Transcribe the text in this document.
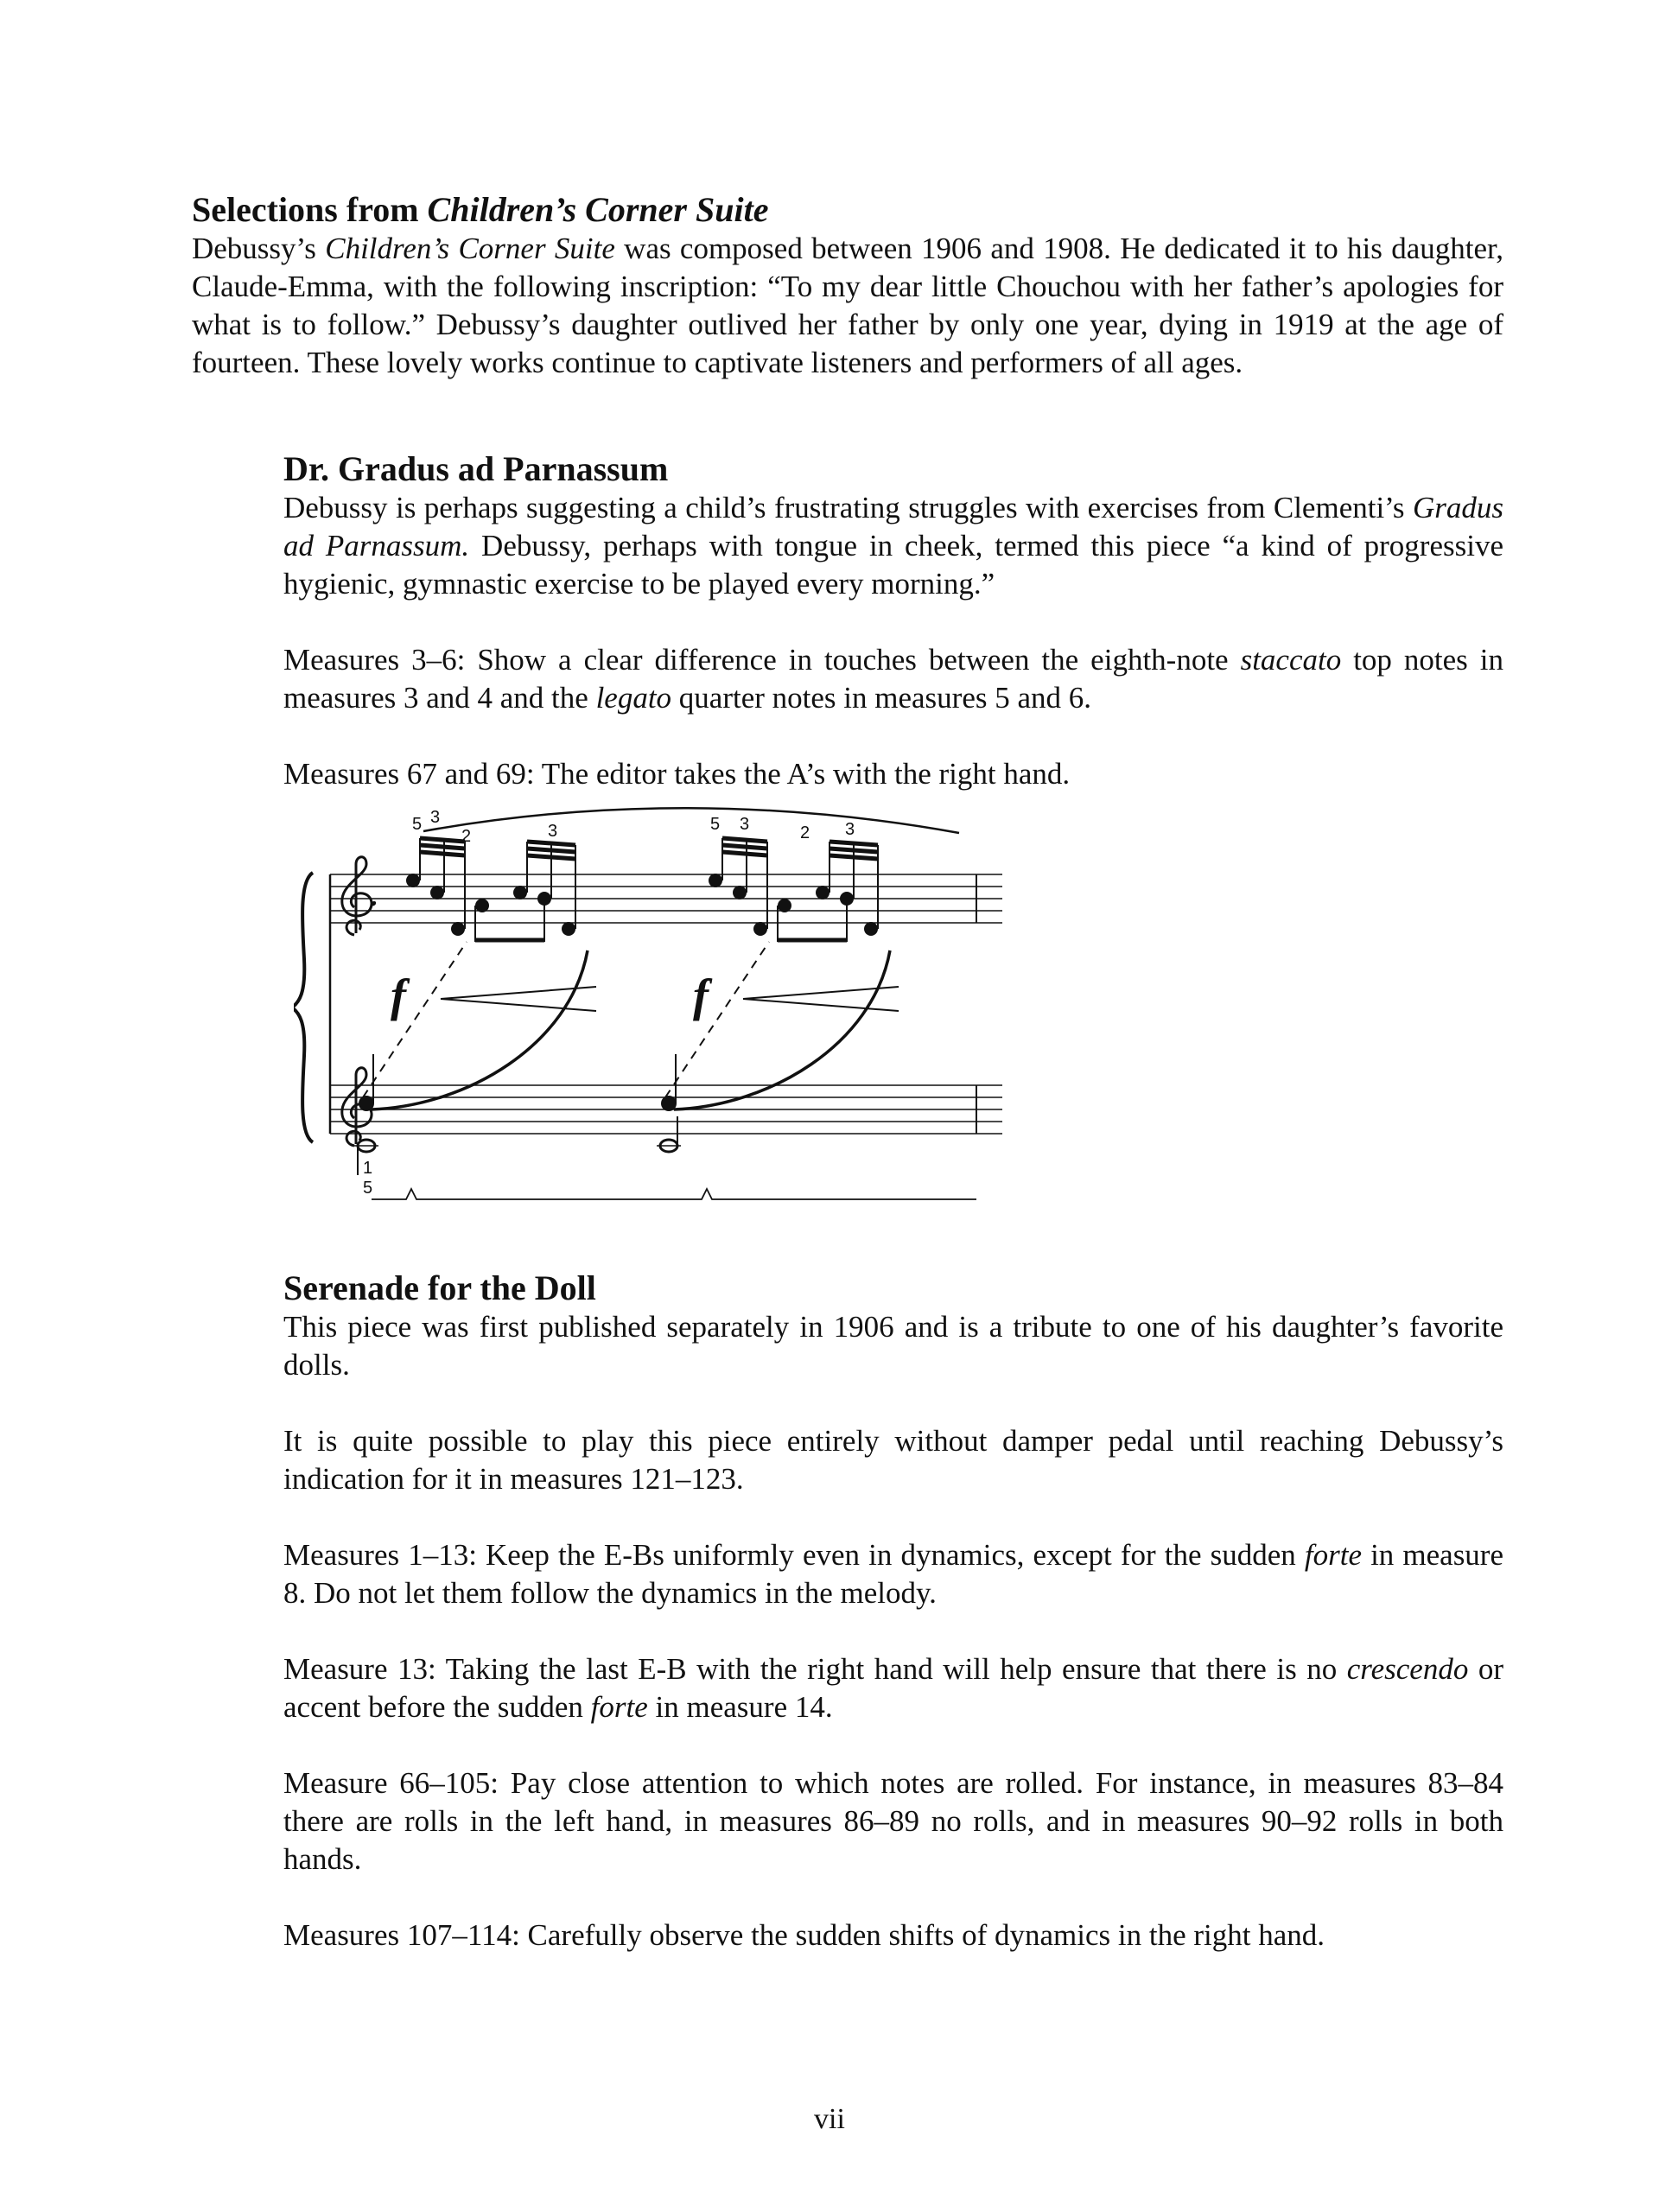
Selections from Children’s Corner Suite

Debussy’s Children’s Corner Suite was composed between 1906 and 1908. He dedicated it to his daughter, Claude-Emma, with the following inscription: “To my dear little Chouchou with her father’s apologies for what is to follow.” Debussy’s daughter outlived her father by only one year, dying in 1919 at the age of fourteen. These lovely works continue to captivate listeners and performers of all ages.

Dr. Gradus ad Parnassum

Debussy is perhaps suggesting a child’s frustrating struggles with exercises from Clementi’s Gradus ad Parnassum. Debussy, perhaps with tongue in cheek, termed this piece “a kind of progressive hygienic, gymnastic exercise to be played every morning.”

Measures 3–6: Show a clear difference in touches between the eighth-note staccato top notes in measures 3 and 4 and the legato quarter notes in measures 5 and 6.

Measures 67 and 69: The editor takes the A’s with the right hand.

𝅘
f	f
5 3
2	3	5 3	2 3
1
5
Serenade for the Doll

This piece was first published separately in 1906 and is a tribute to one of his daughter’s favorite dolls.

It is quite possible to play this piece entirely without damper pedal until reaching Debussy’s indication for it in measures 121–123.

Measures 1–13: Keep the E-Bs uniformly even in dynamics, except for the sudden forte in measure 8. Do not let them follow the dynamics in the melody.

Measure 13: Taking the last E-B with the right hand will help ensure that there is no crescendo or accent before the sudden forte in measure 14.

Measure 66–105: Pay close attention to which notes are rolled. For instance, in measures 83–84 there are rolls in the left hand, in measures 86–89 no rolls, and in measures 90–92 rolls in both hands.

Measures 107–114: Carefully observe the sudden shifts of dynamics in the right hand.

vii
